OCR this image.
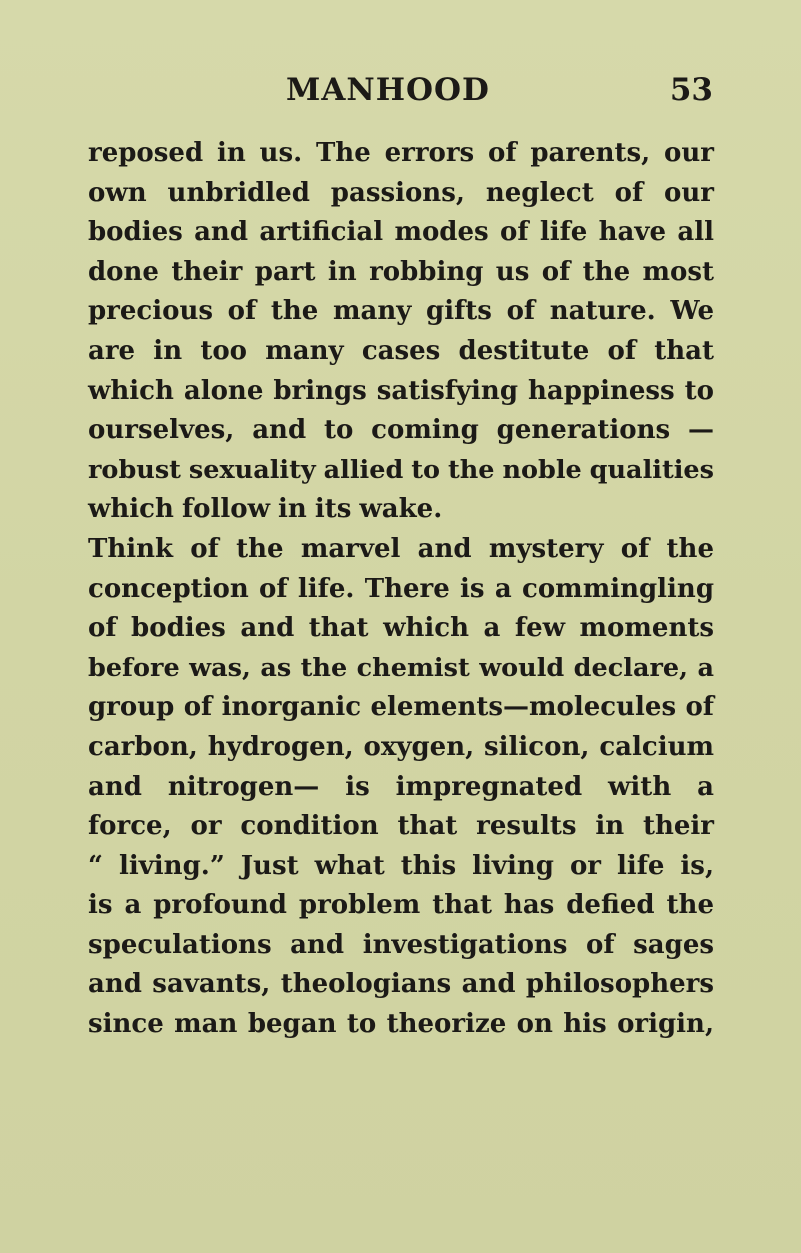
MANHOOD	53
reposed in us. The errors of parents, our
own unbridled passions, neglect of our
bodies and artificial modes of life have all
done their part in robbing us of the most
precious of the many gifts of nature. We
are in too many cases destitute of that
which alone brings satisfying happiness to
ourselves, and to coming generations —
robust sexuality allied to the noble qualities
which follow in its wake.
Think of the marvel and mystery of the
conception of life. There is a commingling
of bodies and that which a few moments
before was, as the chemist would declare, a
group of inorganic elements—molecules of
carbon, hydrogen, oxygen, silicon, calcium
and nitrogen— is impregnated with a
force, or condition that results in their
“ living.” Just what this living or life is,
is a profound problem that has defied the
speculations and investigations of sages
and savants, theologians and philosophers
since man began to theorize on his origin,
